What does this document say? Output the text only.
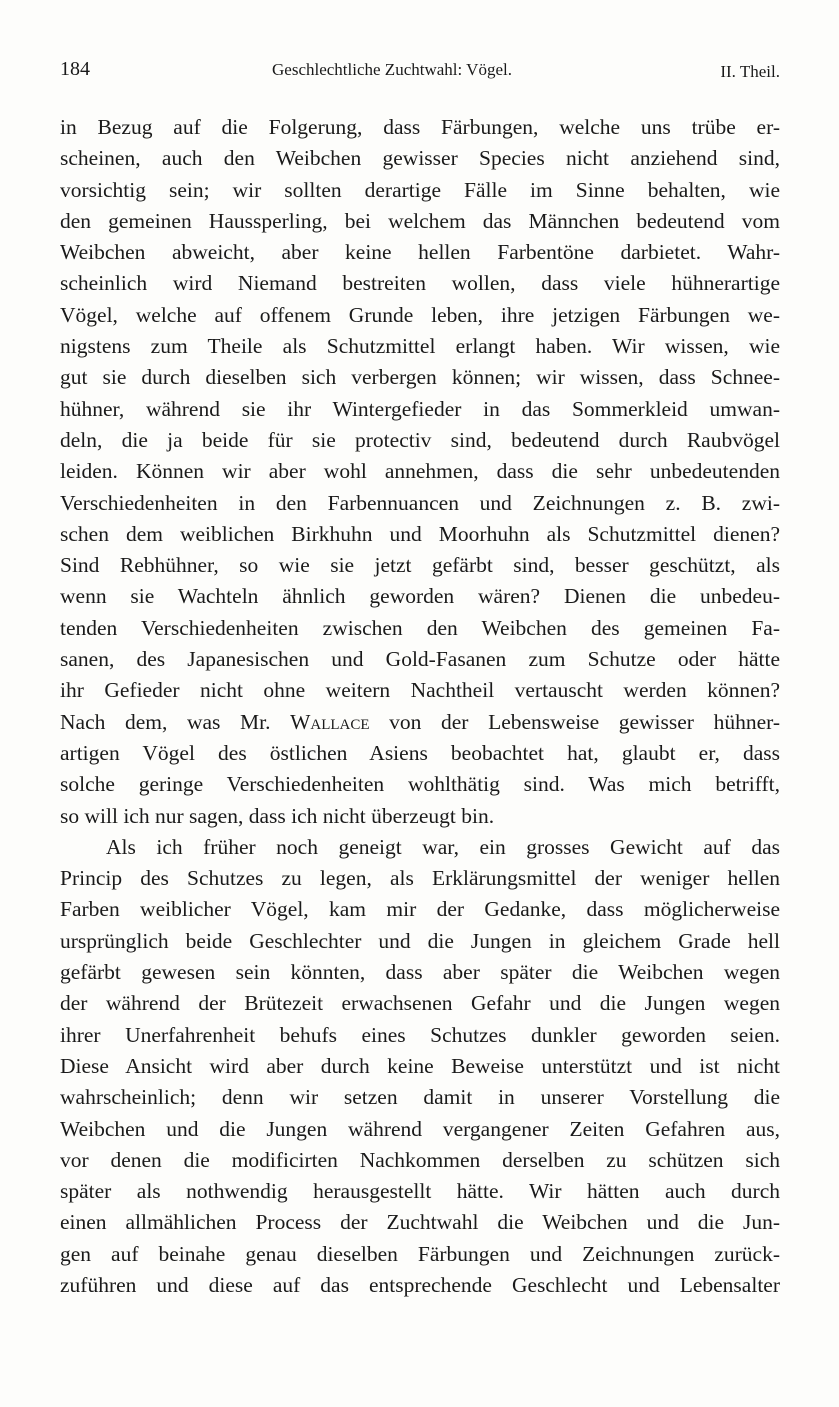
184	Geschlechtliche Zuchtwahl: Vögel.	II. Theil.
in Bezug auf die Folgerung, dass Färbungen, welche uns trübe er-
scheinen, auch den Weibchen gewisser Species nicht anziehend sind,
vorsichtig sein; wir sollten derartige Fälle im Sinne behalten, wie
den gemeinen Haussperling, bei welchem das Männchen bedeutend vom
Weibchen abweicht, aber keine hellen Farbentöne darbietet. Wahr-
scheinlich wird Niemand bestreiten wollen, dass viele hühnerartige
Vögel, welche auf offenem Grunde leben, ihre jetzigen Färbungen we-
nigstens zum Theile als Schutzmittel erlangt haben. Wir wissen, wie
gut sie durch dieselben sich verbergen können; wir wissen, dass Schnee-
hühner, während sie ihr Wintergefieder in das Sommerkleid umwan-
deln, die ja beide für sie protectiv sind, bedeutend durch Raubvögel
leiden. Können wir aber wohl annehmen, dass die sehr unbedeutenden
Verschiedenheiten in den Farbennuancen und Zeichnungen z. B. zwi-
schen dem weiblichen Birkhuhn und Moorhuhn als Schutzmittel dienen?
Sind Rebhühner, so wie sie jetzt gefärbt sind, besser geschützt, als
wenn sie Wachteln ähnlich geworden wären? Dienen die unbedeu-
tenden Verschiedenheiten zwischen den Weibchen des gemeinen Fa-
sanen, des Japanesischen und Gold-Fasanen zum Schutze oder hätte
ihr Gefieder nicht ohne weitern Nachtheil vertauscht werden können?
Nach dem, was Mr. Wallace von der Lebensweise gewisser hühner-
artigen Vögel des östlichen Asiens beobachtet hat, glaubt er, dass
solche geringe Verschiedenheiten wohlthätig sind. Was mich betrifft,
so will ich nur sagen, dass ich nicht überzeugt bin.
Als ich früher noch geneigt war, ein grosses Gewicht auf das
Princip des Schutzes zu legen, als Erklärungsmittel der weniger hellen
Farben weiblicher Vögel, kam mir der Gedanke, dass möglicherweise
ursprünglich beide Geschlechter und die Jungen in gleichem Grade hell
gefärbt gewesen sein könnten, dass aber später die Weibchen wegen
der während der Brütezeit erwachsenen Gefahr und die Jungen wegen
ihrer Unerfahrenheit behufs eines Schutzes dunkler geworden seien.
Diese Ansicht wird aber durch keine Beweise unterstützt und ist nicht
wahrscheinlich; denn wir setzen damit in unserer Vorstellung die
Weibchen und die Jungen während vergangener Zeiten Gefahren aus,
vor denen die modificirten Nachkommen derselben zu schützen sich
später als nothwendig herausgestellt hätte. Wir hätten auch durch
einen allmählichen Process der Zuchtwahl die Weibchen und die Jun-
gen auf beinahe genau dieselben Färbungen und Zeichnungen zurück-
zuführen und diese auf das entsprechende Geschlecht und Lebensalter
